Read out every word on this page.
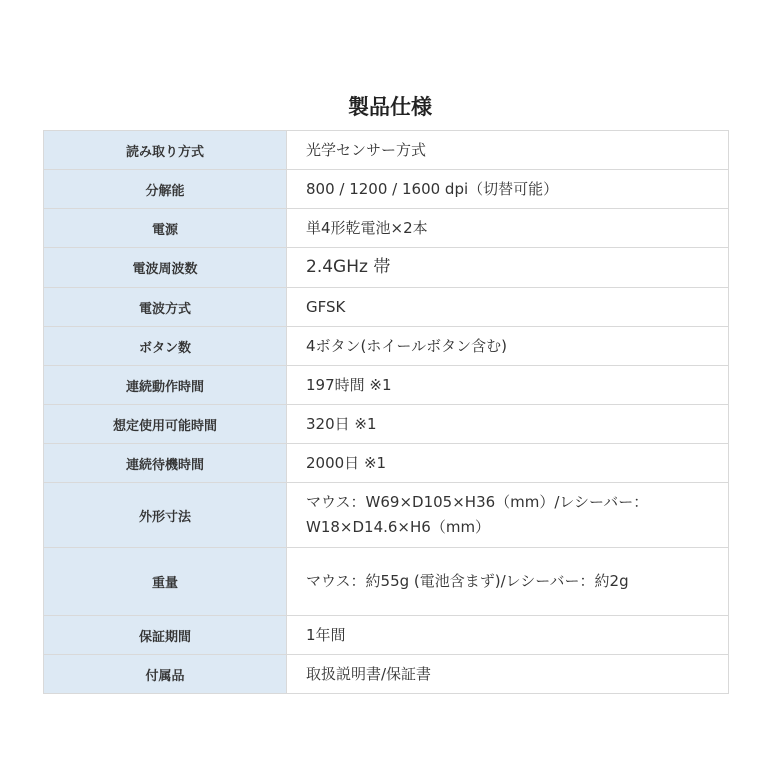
製品仕様
読み取り方式	光学センサー方式
分解能	800 / 1200 / 1600 dpi（切替可能）
電源	単4形乾電池×2本
電波周波数	2.4GHz 帯
電波方式	GFSK
ボタン数	4ボタン(ホイールボタン含む)
連続動作時間	197時間 ※1
想定使用可能時間	320日 ※1
連続待機時間	2000日 ※1
外形寸法	マウス：W69×D105×H36（mm）/レシーバー：W18×D14.6×H6（mm）
重量	マウス：約55g (電池含まず)/レシーバー：約2g
保証期間	1年間
付属品	取扱説明書/保証書
